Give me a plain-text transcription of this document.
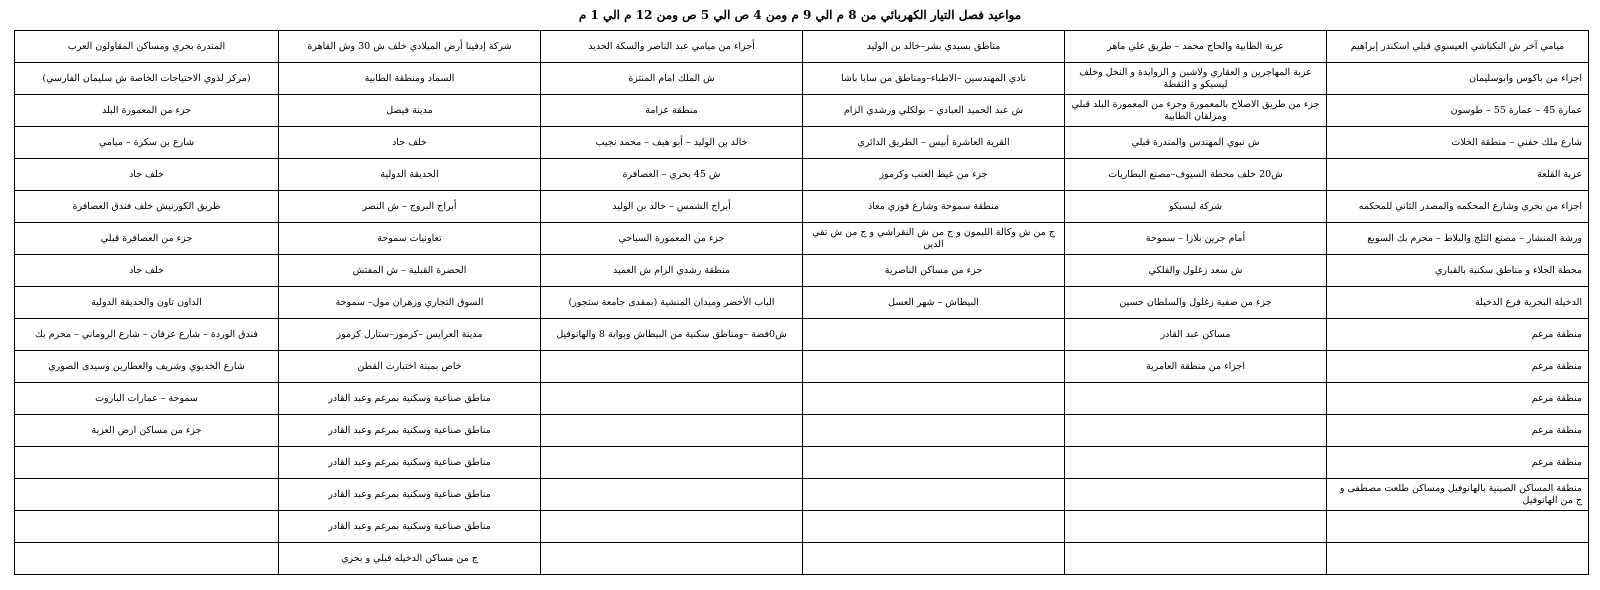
مواعيد فصل التيار الكهربائي من 8 م الي 9 م ومن 4 ص الي 5 ص ومن 12 م الي 1 م
ميامي آخر ش البكباشي العيسوي قبلي اسكندر إبراهيم	عزبة الطابية والحاج محمد – طريق علي ماهر	مناطق بسيدي بشر–خالد بن الوليد	أجزاء من ميامي عبد الناصر والسكة الحديد	شركة إدفينا أرض الميلادي خلف ش 30 وش القاهرة	المندرة بحري ومساكن المقاولون العرب
اجزاء من باكوس وابوسليمان	عزبة المهاجرين و العقاري ولاشين و الزوايدة و النخل وخلف ليسيكو و النقطة	نادي المهندسين –الاطباء–ومناطق من سابا باشا	ش الملك امام المنتزة	السماد ومنطقة الطابية	(مركز لذوي الاحتياجات الخاصة ش سليمان الفارسي)
عمارة 45 – عمارة 55 – طوسون	جزء من طريق الاصلاح بالمعمورة وجزء من المعمورة البلد قبلي ومزلقان الطابية	ش عبد الحميد العبادي – بولكلي ورشدي الزام	منطقة عزامة	مدينة فيصل	جزء من المعمورة البلد
شارع ملك حفني – منطقة الخلات	ش نبوي المهندس والمندرة قبلي	القرية العاشرة أبيس – الطريق الدائري	خالد بن الوليد – أبو هيف – محمد نجيب	خلف جاد	شارع بن سكرة – ميامي
عزبة القلعة	ش20 خلف محطة السيوف–مصنع البطاريات	جزء من غيط العنب وكرموز	ش 45 بحري – العصافرة	الحديقة الدولية	خلف جاد
اجزاء من بحري وشارع المحكمه والمصدر الثاني للمحكمه	شركة ليسيكو	منطقة سموحة وشارع فوزي معاذ	أبراج الشمس – خالد بن الوليد	أبراج البروج – ش النصر	طريق الكورنيش خلف فندق العصافرة
ورشة المنشار – مصنع الثلج والبلاط – محرم بك السويع	أمام جرين بلازا – سموحة	ج من ش وكالة الليمون و ج من ش النقراشي و ج من ش تقي الدين	جزء من المعمورة السياحي	تعاونيات سموحة	جزء من العصافرة قبلي
محطة الجلاء و مناطق سكنية بالقباري	ش سعد زغلول والفلكي	جزء من مساكن الناصرية	منطقة رشدي الزام ش العميد	الحضرة القبلية – ش المفتش	خلف جاد
الدخيلة البحرية فرع الدخيلة	جزء من صفية زغلول والسلطان حسين	البيطاش – شهر العسل	الباب الأخضر وميدان المنشية (بمقدى جامعة سنجور)	السوق التجاري وزهران مول– سموحة	الداون تاون والحديقة الدولية
منطقة مرغم	مساكن عبد القادر		ش0فضة –ومناطق سكنية من البيطاش وبوابة 8 والهانوفيل	مدينة العرايس –كرموز–ستارل كرموز	فندق الوردة – شارع عرفان – شارع الروماني – محرم بك
منطقة مرغم	اجزاء من منطقة العامرية			خاص بمبنة اختبارت القطن	شارع الخديوي وشريف والعطارين وسيدى الصوري
منطقة مرغم				مناطق صناعية وسكنية بمرغم وعبد القادر	سموحة – عمارات الباروت
منطقة مرغم				مناطق صناعية وسكنية بمرغم وعبد القادر	جزء من مساكن ارض العزبة
منطقة مرغم				مناطق صناعية وسكنية بمرغم وعبد القادر	
منطقة المساكن الصينية بالهانوفيل ومساكن طلعت مصطفى و ج من الهانوفيل				مناطق صناعية وسكنية بمرغم وعبد القادر	
				مناطق صناعية وسكنية بمرغم وعبد القادر	
				ج من مساكن الدخيله قبلي و بحري	
